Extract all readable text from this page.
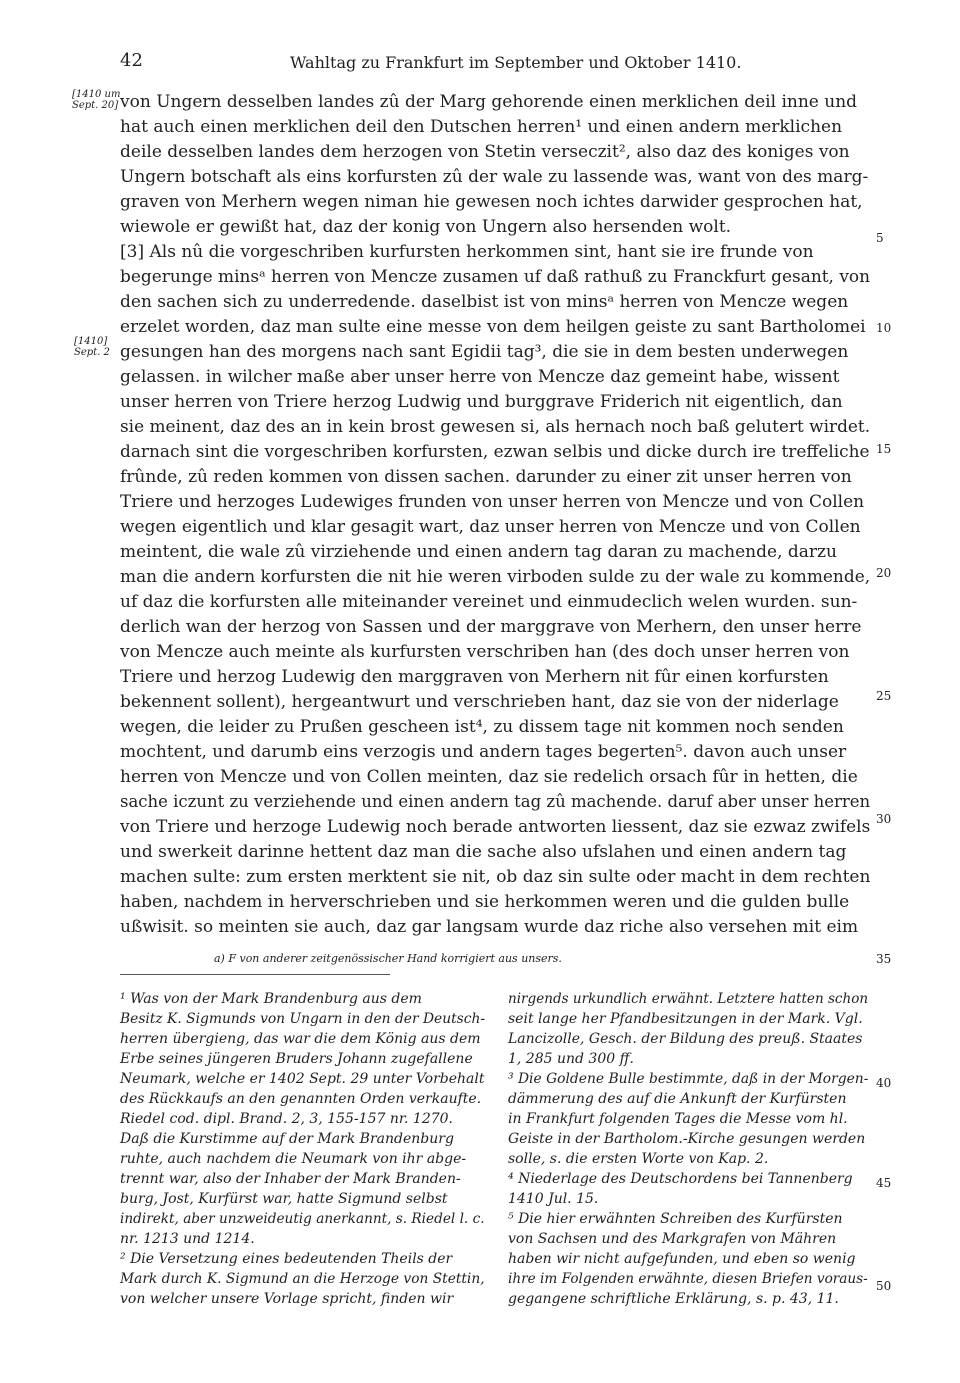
42	Wahltag zu Frankfurt im September und Oktober 1410.
[1410 um
Sept. 20]
[1410]
Sept. 2
von Ungern desselben landes zû der Marg gehorende einen merklichen deil inne und
hat auch einen merklichen deil den Dutschen herren¹ und einen andern merklichen
deile desselben landes dem herzogen von Stetin verseczit², also daz des koniges von
Ungern botschaft als eins korfursten zû der wale zu lassende was, want von des marg-
graven von Merhern wegen niman hie gewesen noch ichtes darwider gesprochen hat,
wiewole er gewißt hat, daz der konig von Ungern also hersenden wolt.
[3] Als nû die vorgeschriben kurfursten herkommen sint, hant sie ire frunde von
begerunge minsᵃ herren von Mencze zusamen uf daß rathuß zu Franckfurt gesant, von
den sachen sich zu underredende. daselbist ist von minsᵃ herren von Mencze wegen
erzelet worden, daz man sulte eine messe von dem heilgen geiste zu sant Bartholomei
gesungen han des morgens nach sant Egidii tag³, die sie in dem besten underwegen
gelassen. in wilcher maße aber unser herre von Mencze daz gemeint habe, wissent
unser herren von Triere herzog Ludwig und burggrave Friderich nit eigentlich, dan
sie meinent, daz des an in kein brost gewesen si, als hernach noch baß gelutert wirdet.
darnach sint die vorgeschriben korfursten, ezwan selbis und dicke durch ire treffeliche
frûnde, zû reden kommen von dissen sachen. darunder zu einer zit unser herren von
Triere und herzoges Ludewiges frunden von unser herren von Mencze und von Collen
wegen eigentlich und klar gesagit wart, daz unser herren von Mencze und von Collen
meintent, die wale zû virziehende und einen andern tag daran zu machende, darzu
man die andern korfursten die nit hie weren virboden sulde zu der wale zu kommende,
uf daz die korfursten alle miteinander vereinet und einmudeclich welen wurden. sun-
derlich wan der herzog von Sassen und der marggrave von Merhern, den unser herre
von Mencze auch meinte als kurfursten verschriben han (des doch unser herren von
Triere und herzog Ludewig den marggraven von Merhern nit fûr einen korfursten
bekennent sollent), hergeantwurt und verschrieben hant, daz sie von der niderlage
wegen, die leider zu Prußen gescheen ist⁴, zu dissem tage nit kommen noch senden
mochtent, und darumb eins verzogis und andern tages begerten⁵. davon auch unser
herren von Mencze und von Collen meinten, daz sie redelich orsach fûr in hetten, die
sache iczunt zu verziehende und einen andern tag zû machende. daruf aber unser herren
von Triere und herzoge Ludewig noch berade antworten liessent, daz sie ezwaz zwifels
und swerkeit darinne hettent daz man die sache also ufslahen und einen andern tag
machen sulte: zum ersten merktent sie nit, ob daz sin sulte oder macht in dem rechten
haben, nachdem in herverschrieben und sie herkommen weren und die gulden bulle
ußwisit. so meinten sie auch, daz gar langsam wurde daz riche also versehen mit eim
5
10
15
20
25
30
35
40
45
50
a) F von anderer zeitgenössischer Hand korrigiert aus unsers.
¹ Was von der Mark Brandenburg aus dem
Besitz K. Sigmunds von Ungarn in den der Deutsch-
herren übergieng, das war die dem König aus dem
Erbe seines jüngeren Bruders Johann zugefallene
Neumark, welche er 1402 Sept. 29 unter Vorbehalt
des Rückkaufs an den genannten Orden verkaufte.
Riedel cod. dipl. Brand. 2, 3, 155-157 nr. 1270.
Daß die Kurstimme auf der Mark Brandenburg
ruhte, auch nachdem die Neumark von ihr abge-
trennt war, also der Inhaber der Mark Branden-
burg, Jost, Kurfürst war, hatte Sigmund selbst
indirekt, aber unzweideutig anerkannt, s. Riedel l. c.
nr. 1213 und 1214.
² Die Versetzung eines bedeutenden Theils der
Mark durch K. Sigmund an die Herzoge von Stettin,
von welcher unsere Vorlage spricht, finden wir
nirgends urkundlich erwähnt. Letztere hatten schon
seit lange her Pfandbesitzungen in der Mark. Vgl.
Lancizolle, Gesch. der Bildung des preuß. Staates
1, 285 und 300 ff.
³ Die Goldene Bulle bestimmte, daß in der Morgen-
dämmerung des auf die Ankunft der Kurfürsten
in Frankfurt folgenden Tages die Messe vom hl.
Geiste in der Bartholom.-Kirche gesungen werden
solle, s. die ersten Worte von Kap. 2.
⁴ Niederlage des Deutschordens bei Tannenberg
1410 Jul. 15.
⁵ Die hier erwähnten Schreiben des Kurfürsten
von Sachsen und des Markgrafen von Mähren
haben wir nicht aufgefunden, und eben so wenig
ihre im Folgenden erwähnte, diesen Briefen voraus-
gegangene schriftliche Erklärung, s. p. 43, 11.
